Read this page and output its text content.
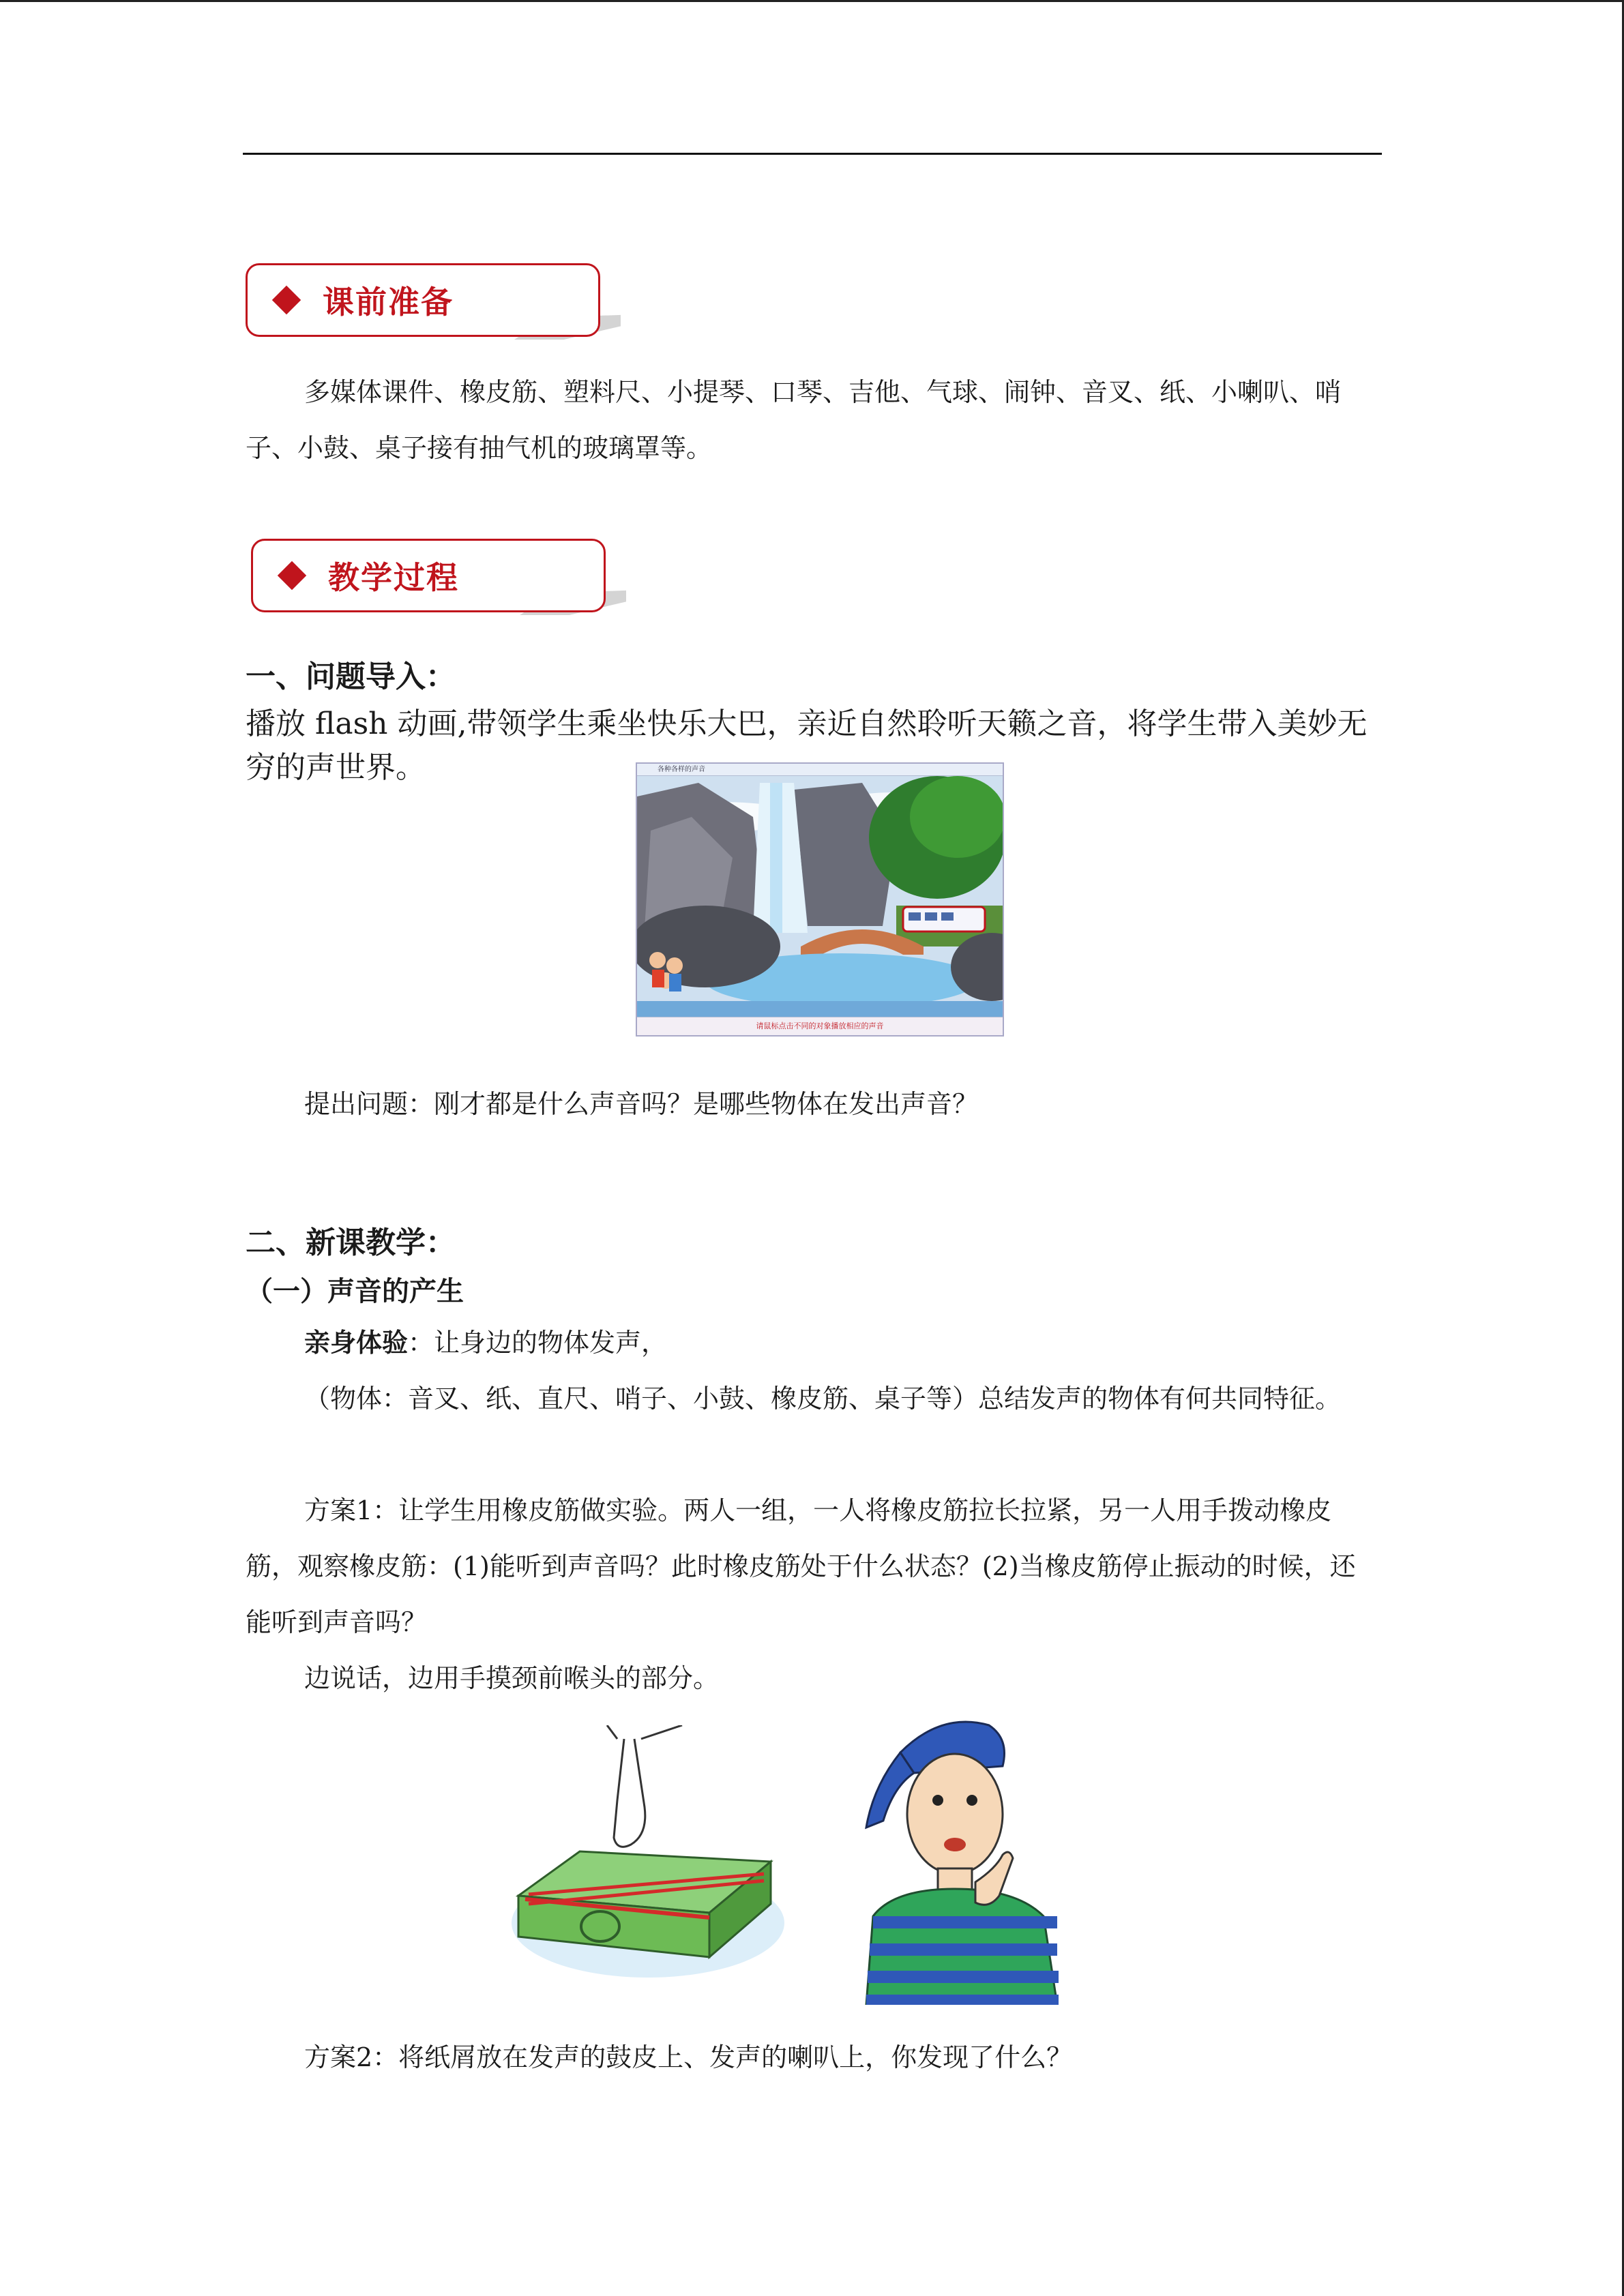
课前准备
多媒体课件、橡皮筋、塑料尺、小提琴、口琴、吉他、气球、闹钟、音叉、纸、小喇叭、哨子、小鼓、桌子接有抽气机的玻璃罩等。
教学过程
一、问题导入：
播放 flash 动画,带领学生乘坐快乐大巴，亲近自然聆听天籁之音，将学生带入美妙无穷的声世界。	各种各样的声音
请鼠标点击不同的对象播放相应的声音
提出问题：刚才都是什么声音吗？是哪些物体在发出声音？
二、新课教学：
（一）声音的产生
亲身体验：让身边的物体发声，
（物体：音叉、纸、直尺、哨子、小鼓、橡皮筋、桌子等）总结发声的物体有何共同特征。
方案1：让学生用橡皮筋做实验。两人一组，一人将橡皮筋拉长拉紧，另一人用手拨动橡皮筋，观察橡皮筋：(1)能听到声音吗？此时橡皮筋处于什么状态？(2)当橡皮筋停止振动的时候，还能听到声音吗？
边说话，边用手摸颈前喉头的部分。
方案2：将纸屑放在发声的鼓皮上、发声的喇叭上，你发现了什么？
